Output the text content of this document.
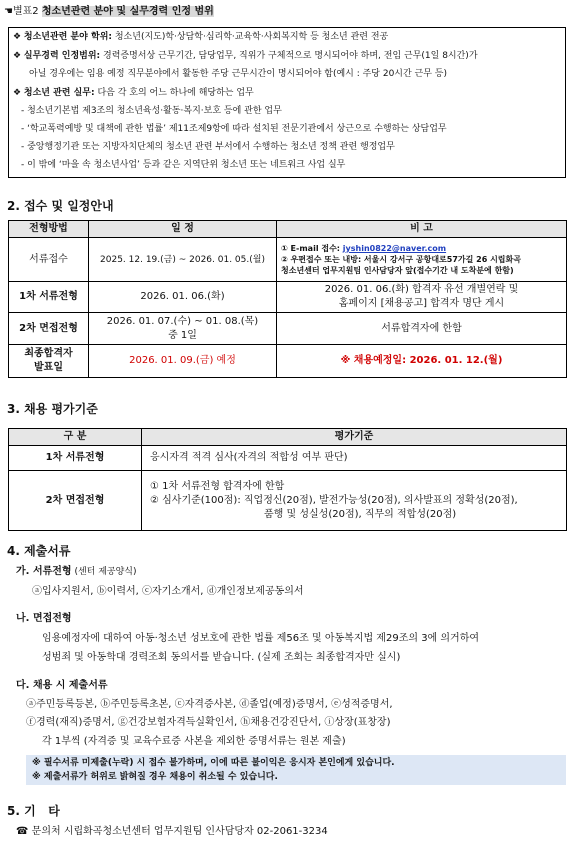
☚별표2 청소년관련 분야 및 실무경력 인정 범위
❖ 청소년관련 분야 학위: 청소년(지도)학·상담학·심리학·교육학·사회복지학 등 청소년 관련 전공
❖ 실무경력 인정범위: 경력증명서상 근무기간, 담당업무, 직위가 구체적으로 명시되어야 하며, 전임 근무(1일 8시간)가
아닐 경우에는 임용 예정 직무분야에서 활동한 주당 근무시간이 명시되어야 함(예시 : 주당 20시간 근무 등)
❖ 청소년 관련 실무: 다음 각 호의 어느 하나에 해당하는 업무
- 청소년기본법 제3조의 청소년육성·활동·복지·보호 등에 관한 업무
- ‘학교폭력예방 및 대책에 관한 법률’ 제11조제9항에 따라 설치된 전문기관에서 상근으로 수행하는 상담업무
- 중앙행정기관 또는 지방자치단체의 청소년 관련 부서에서 수행하는 청소년 정책 관련 행정업무
- 이 밖에 ‘마을 속 청소년사업’ 등과 같은 지역단위 청소년 또는 네트워크 사업 실무
2. 접수 및 일정안내
전형방법	일 정	비 고
서류접수	2025. 12. 19.(금) ~ 2026. 01. 05.(월)	① E-mail 접수: jyshin0822@naver.com
② 우편접수 또는 내방: 서울시 강서구 공항대로57가길 26 시립화곡
청소년센터 업무지원팀 인사담당자 앞(접수기간 내 도착분에 한함)

1차 서류전형	2026. 01. 06.(화)	2026. 01. 06.(화) 합격자 유선 개별연락 및
홈페이지 [채용공고] 합격자 명단 게시

2차 면접전형	2026. 01. 07.(수) ~ 01. 08.(목)
중 1일	서류합격자에 한함

최종합격자
발표일	2026. 01. 09.(금) 예정	※ 채용예정일: 2026. 01. 12.(월)
3. 채용 평가기준
구 분	평가기준
1차 서류전형	응시자격 적격 심사(자격의 적합성 여부 판단)
2차 면접전형	① 1차 서류전형 합격자에 한함
② 심사기준(100점): 직업정신(20점), 발전가능성(20점), 의사발표의 정확성(20점),
품행 및 성실성(20점), 직무의 적합성(20점)
4. 제출서류
가. 서류전형 (센터 제공양식)
ⓐ입사지원서, ⓑ이력서, ⓒ자기소개서, ⓓ개인정보제공동의서
나. 면접전형
임용예정자에 대하여 아동·청소년 성보호에 관한 법률 제56조 및 아동복지법 제29조의 3에 의거하여
성범죄 및 아동학대 경력조회 동의서를 받습니다. (실제 조회는 최종합격자만 실시)
다. 채용 시 제출서류
ⓐ주민등록등본, ⓑ주민등록초본, ⓒ자격증사본, ⓓ졸업(예정)증명서, ⓔ성적증명서,
ⓕ경력(재직)증명서, ⓖ건강보험자격득실확인서, ⓗ채용건강진단서, ⓘ상장(표창장)
각 1부씩 (자격증 및 교육수료증 사본을 제외한 증명서류는 원본 제출)
※ 필수서류 미제출(누락) 시 접수 불가하며, 이에 따른 불이익은 응시자 본인에게 있습니다.
※ 제출서류가 허위로 밝혀질 경우 채용이 취소될 수 있습니다.
5. 기   타
☎ 문의처 시립화곡청소년센터 업무지원팀 인사담당자 02-2061-3234
